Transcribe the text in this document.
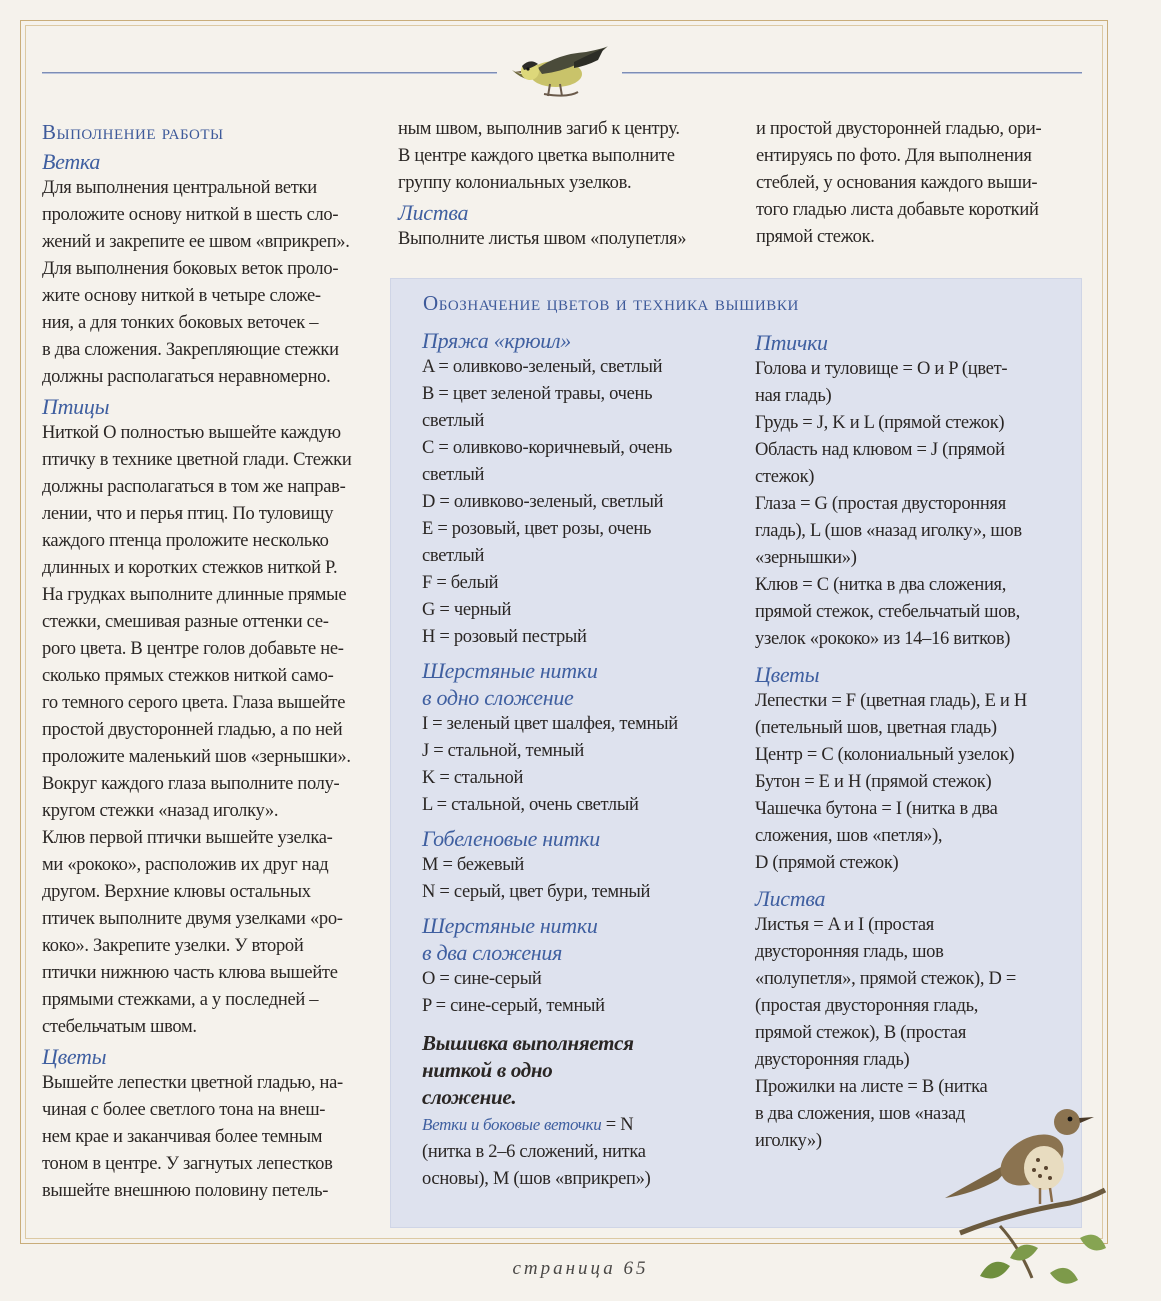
Выполнение работы
Ветка

Для выполнения центральной ветки

проложите основу ниткой в шесть сло-

жений и закрепите ее швом «вприкреп».

Для выполнения боковых веток проло-

жите основу ниткой в четыре сложе-

ния, а для тонких боковых веточек –

в два сложения. Закрепляющие стежки

должны располагаться неравномерно.

Птицы

Ниткой O полностью вышейте каждую

птичку в технике цветной глади. Стежки

должны располагаться в том же направ-

лении, что и перья птиц. По туловищу

каждого птенца проложите несколько

длинных и коротких стежков ниткой P.

На грудках выполните длинные прямые

стежки, смешивая разные оттенки се-

рого цвета. В центре голов добавьте не-

сколько прямых стежков ниткой само-

го темного серого цвета. Глаза вышейте

простой двусторонней гладью, а по ней

проложите маленький шов «зернышки».

Вокруг каждого глаза выполните полу-

кругом стежки «назад иголку».

Клюв первой птички вышейте узелка-

ми «рококо», расположив их друг над

другом. Верхние клювы остальных

птичек выполните двумя узелками «ро-

коко». Закрепите узелки. У второй

птички нижнюю часть клюва вышейте

прямыми стежками, а у последней –

стебельчатым швом.

Цветы

Вышейте лепестки цветной гладью, на-

чиная с более светлого тона на внеш-

нем крае и заканчивая более темным

тоном в центре. У загнутых лепестков

вышейте внешнюю половину петель-

ным швом, выполнив загиб к центру.

В центре каждого цветка выполните

группу колониальных узелков.

Листва

Выполните листья швом «полупетля»

и простой двусторонней гладью, ори-

ентируясь по фото. Для выполнения

стеблей, у основания каждого выши-

того гладью листа добавьте короткий

прямой стежок.

Обозначение цветов и техника вышивки
Пряжа «крюил»

A = оливково-зеленый, светлый

B = цвет зеленой травы, очень

светлый

C = оливково-коричневый, очень

светлый

D = оливково-зеленый, светлый

E = розовый, цвет розы, очень

светлый

F = белый

G = черный

H = розовый пестрый

Шерстяные нитки
в одно сложение

I = зеленый цвет шалфея, темный

J = стальной, темный

K = стальной

L = стальной, очень светлый

Гобеленовые нитки

M = бежевый

N = серый, цвет бури, темный

Шерстяные нитки
в два сложения

O = сине-серый

P = сине-серый, темный

Вышивка выполняется
ниткой в одно
сложение.

Ветки и боковые веточки = N

(нитка в 2–6 сложений, нитка

основы), M (шов «вприкреп»)

Птички

Голова и туловище = O и P (цвет-

ная гладь)

Грудь = J, K и L (прямой стежок)

Область над клювом = J (прямой

стежок)

Глаза = G (простая двусторонняя

гладь), L (шов «назад иголку», шов

«зернышки»)

Клюв = C (нитка в два сложения,

прямой стежок, стебельчатый шов,

узелок «рококо» из 14–16 витков)

Цветы

Лепестки = F (цветная гладь), E и H

(петельный шов, цветная гладь)

Центр = C (колониальный узелок)

Бутон = E и H (прямой стежок)

Чашечка бутона = I (нитка в два

сложения, шов «петля»),

D (прямой стежок)

Листва

Листья = A и I (простая

двусторонняя гладь, шов

«полупетля», прямой стежок), D =

(простая двусторонняя гладь,

прямой стежок), B (простая

двусторонняя гладь)

Прожилки на листе = B (нитка

в два сложения, шов «назад

иголку»)

страница 65
